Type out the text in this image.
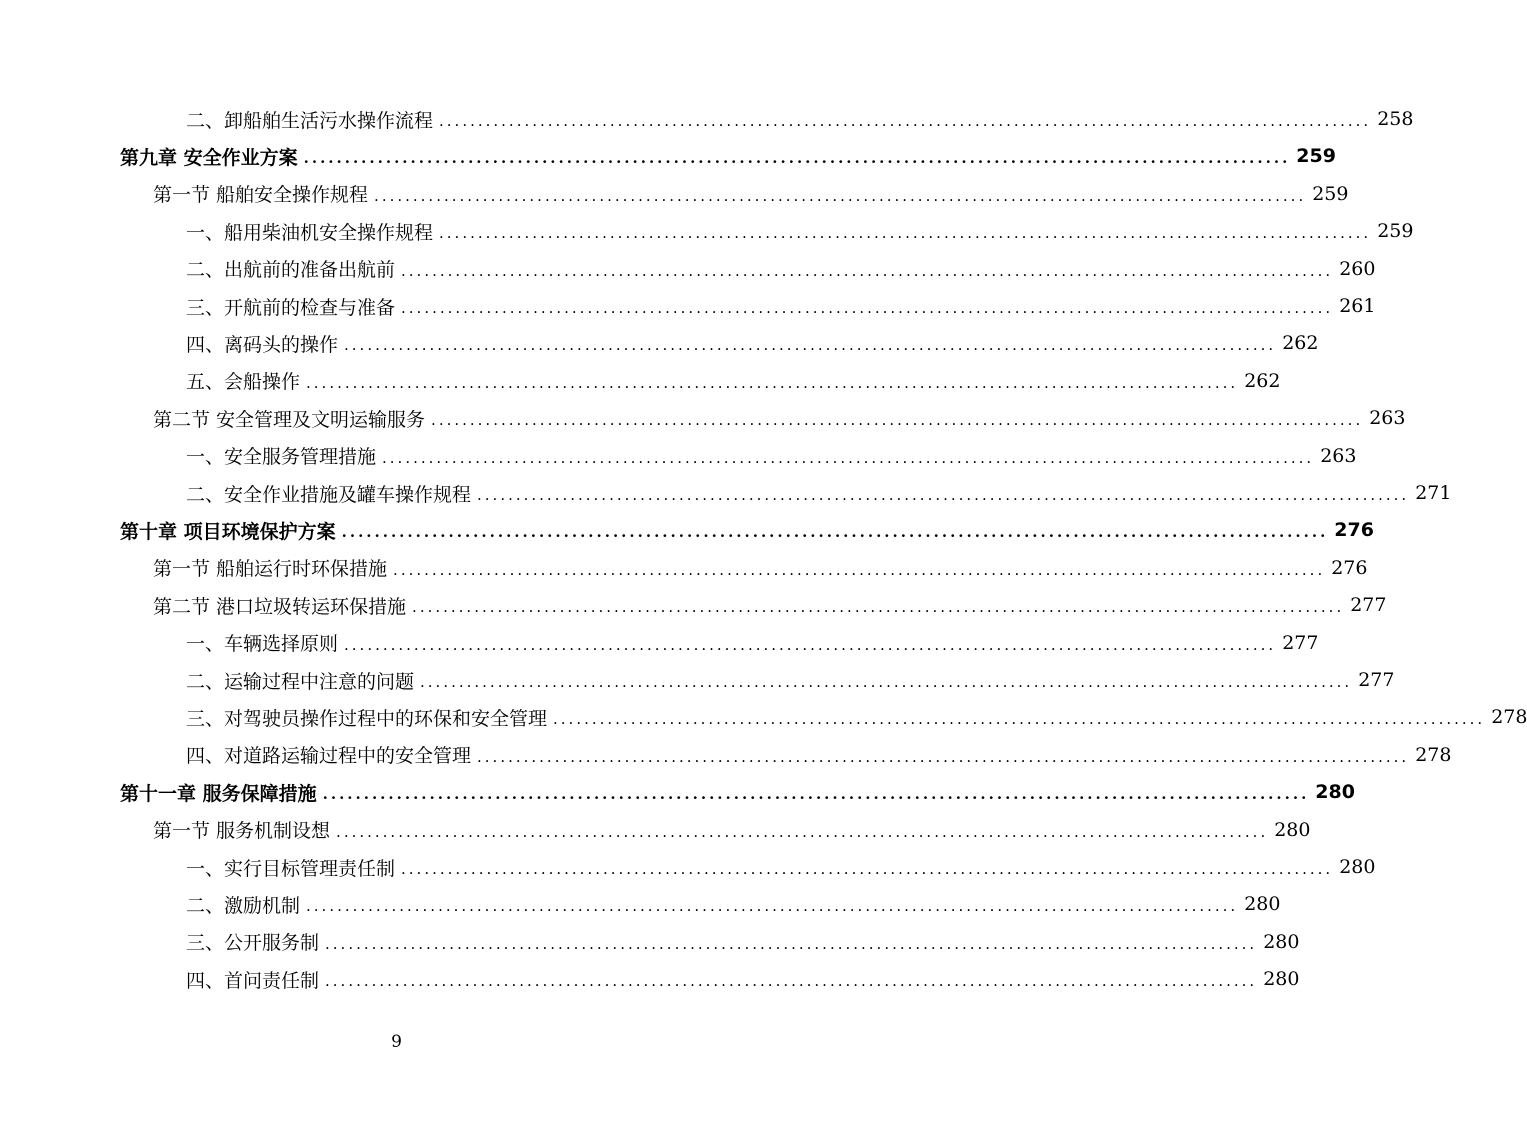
二、卸船舶生活污水操作流程 ........................................................................................................................ 258
第九章 安全作业方案 ........................................................................................................................ 259
第一节 船舶安全操作规程 ........................................................................................................................ 259
一、船用柴油机安全操作规程 ........................................................................................................................ 259
二、出航前的准备出航前 ........................................................................................................................ 260
三、开航前的检查与准备 ........................................................................................................................ 261
四、离码头的操作 ........................................................................................................................ 262
五、会船操作 ........................................................................................................................ 262
第二节 安全管理及文明运输服务 ........................................................................................................................ 263
一、安全服务管理措施 ........................................................................................................................ 263
二、安全作业措施及罐车操作规程 ........................................................................................................................ 271
第十章 项目环境保护方案 ........................................................................................................................ 276
第一节 船舶运行时环保措施 ........................................................................................................................ 276
第二节 港口垃圾转运环保措施 ........................................................................................................................ 277
一、车辆选择原则 ........................................................................................................................ 277
二、运输过程中注意的问题 ........................................................................................................................ 277
三、对驾驶员操作过程中的环保和安全管理 ........................................................................................................................ 278
四、对道路运输过程中的安全管理 ........................................................................................................................ 278
第十一章 服务保障措施 ........................................................................................................................ 280
第一节 服务机制设想 ........................................................................................................................ 280
一、实行目标管理责任制 ........................................................................................................................ 280
二、激励机制 ........................................................................................................................ 280
三、公开服务制 ........................................................................................................................ 280
四、首问责任制 ........................................................................................................................ 280
9
